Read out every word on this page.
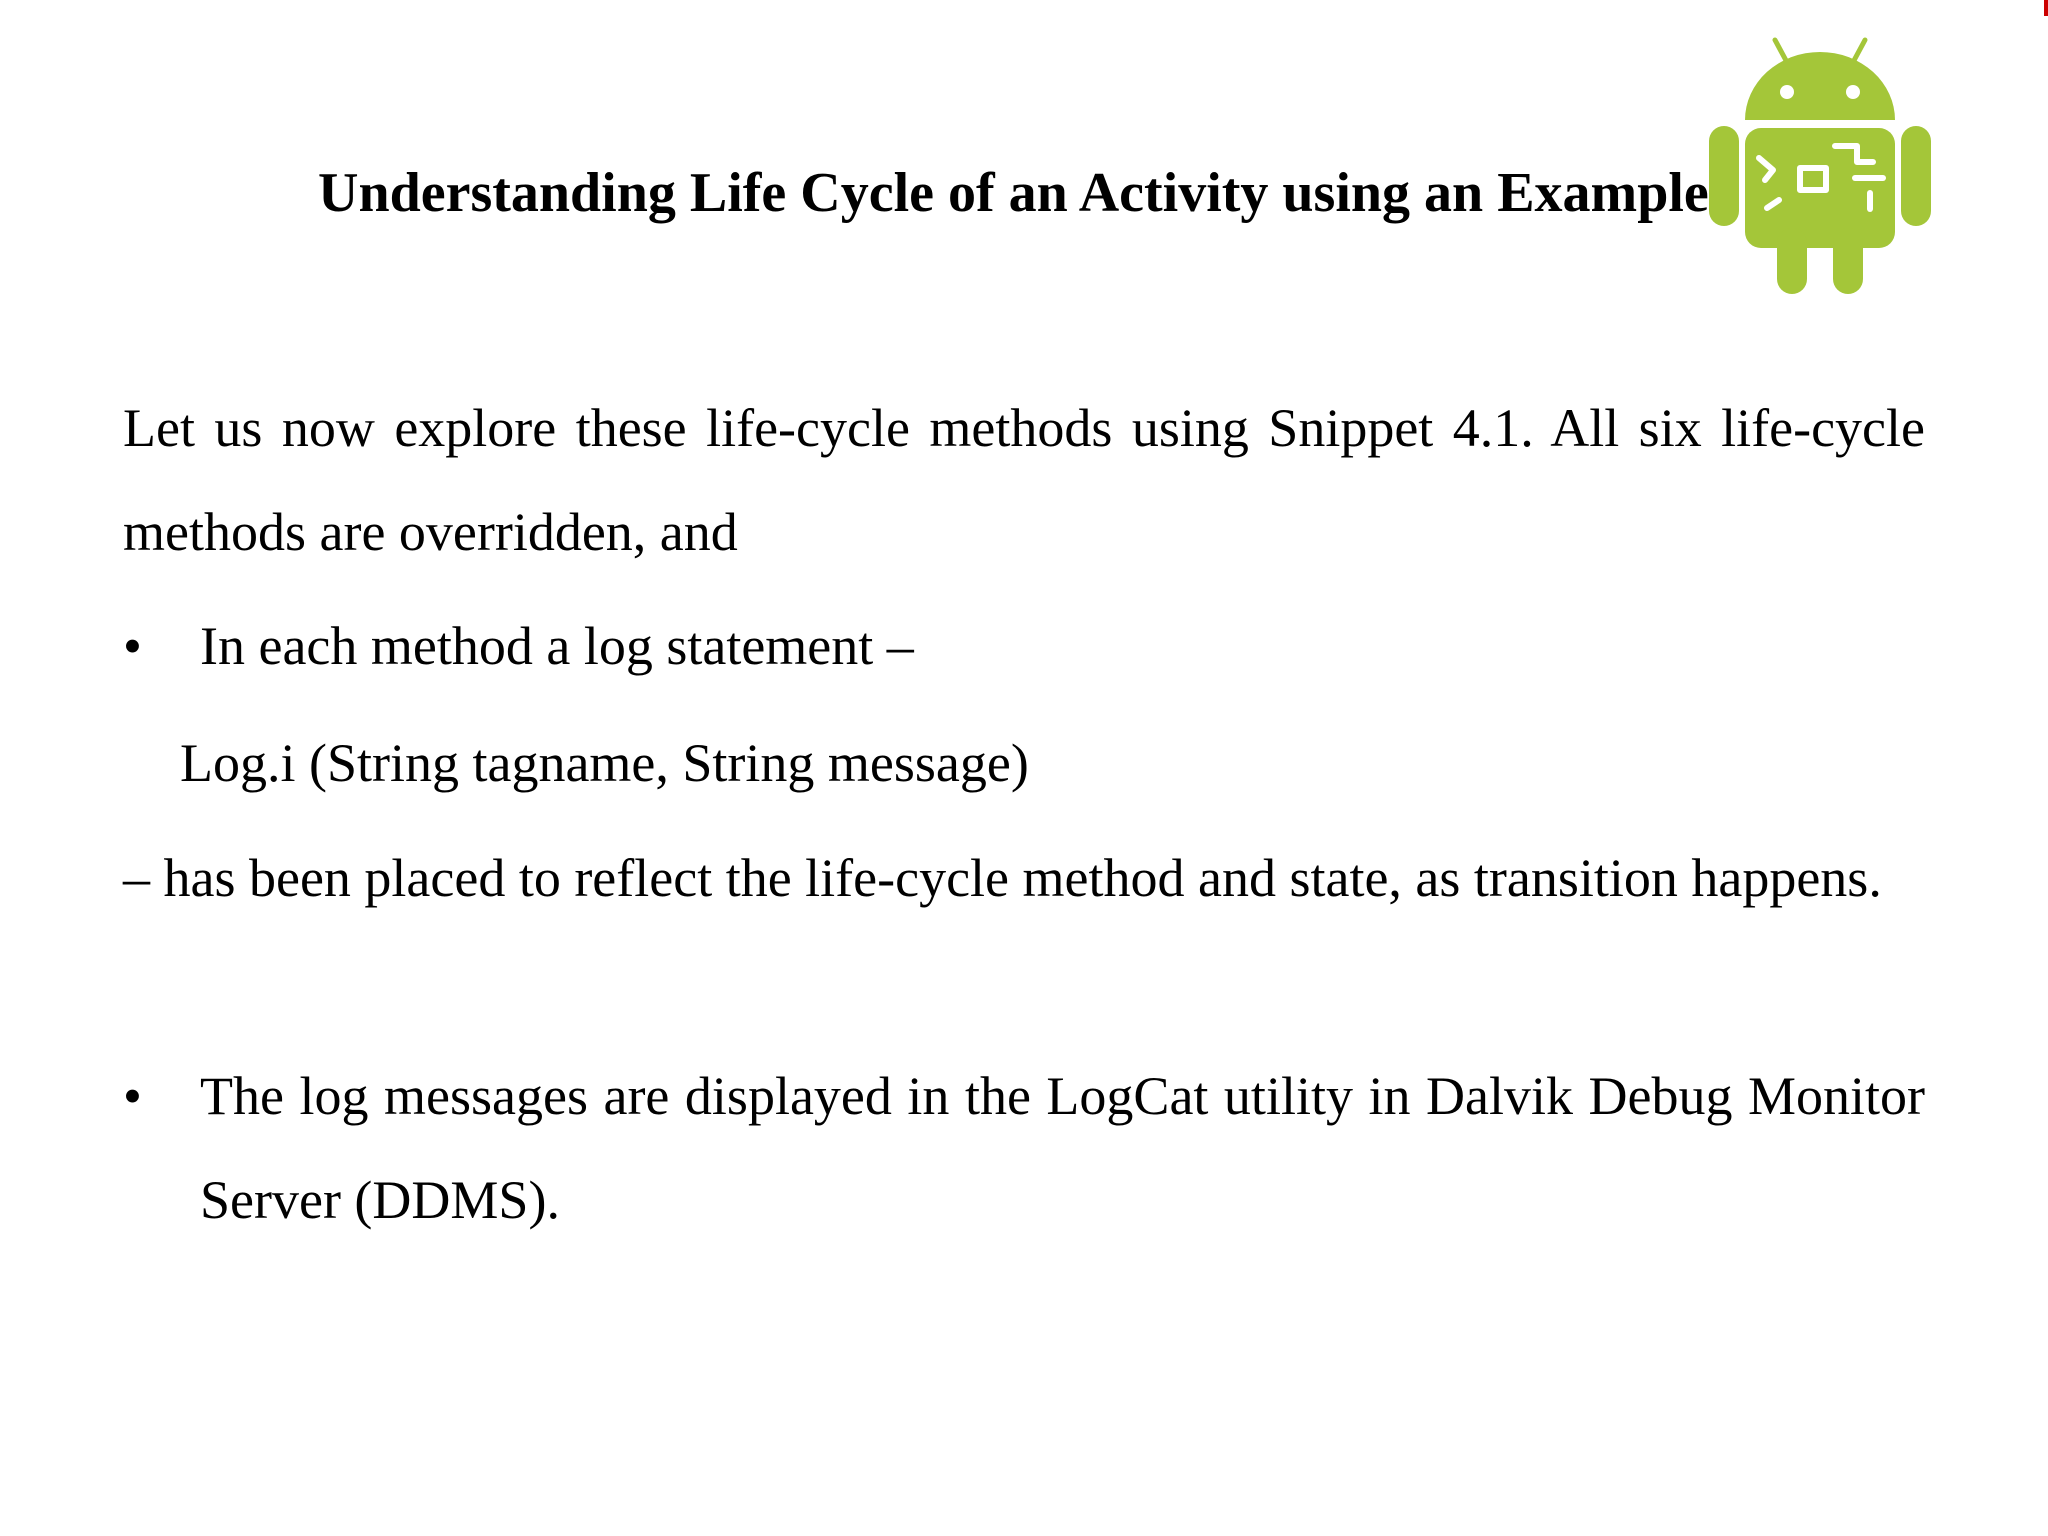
Understanding Life Cycle of an Activity using an Example

Let us now explore these life-cycle methods using Snippet 4.1. All six life-cycle methods are overridden, and

•	In each method a log statement –

Log.i (String tagname, String message)

– has been placed to reflect the life-cycle method and state, as transition happens.

•	The log messages are displayed in the LogCat utility in Dalvik Debug Monitor Server (DDMS).
